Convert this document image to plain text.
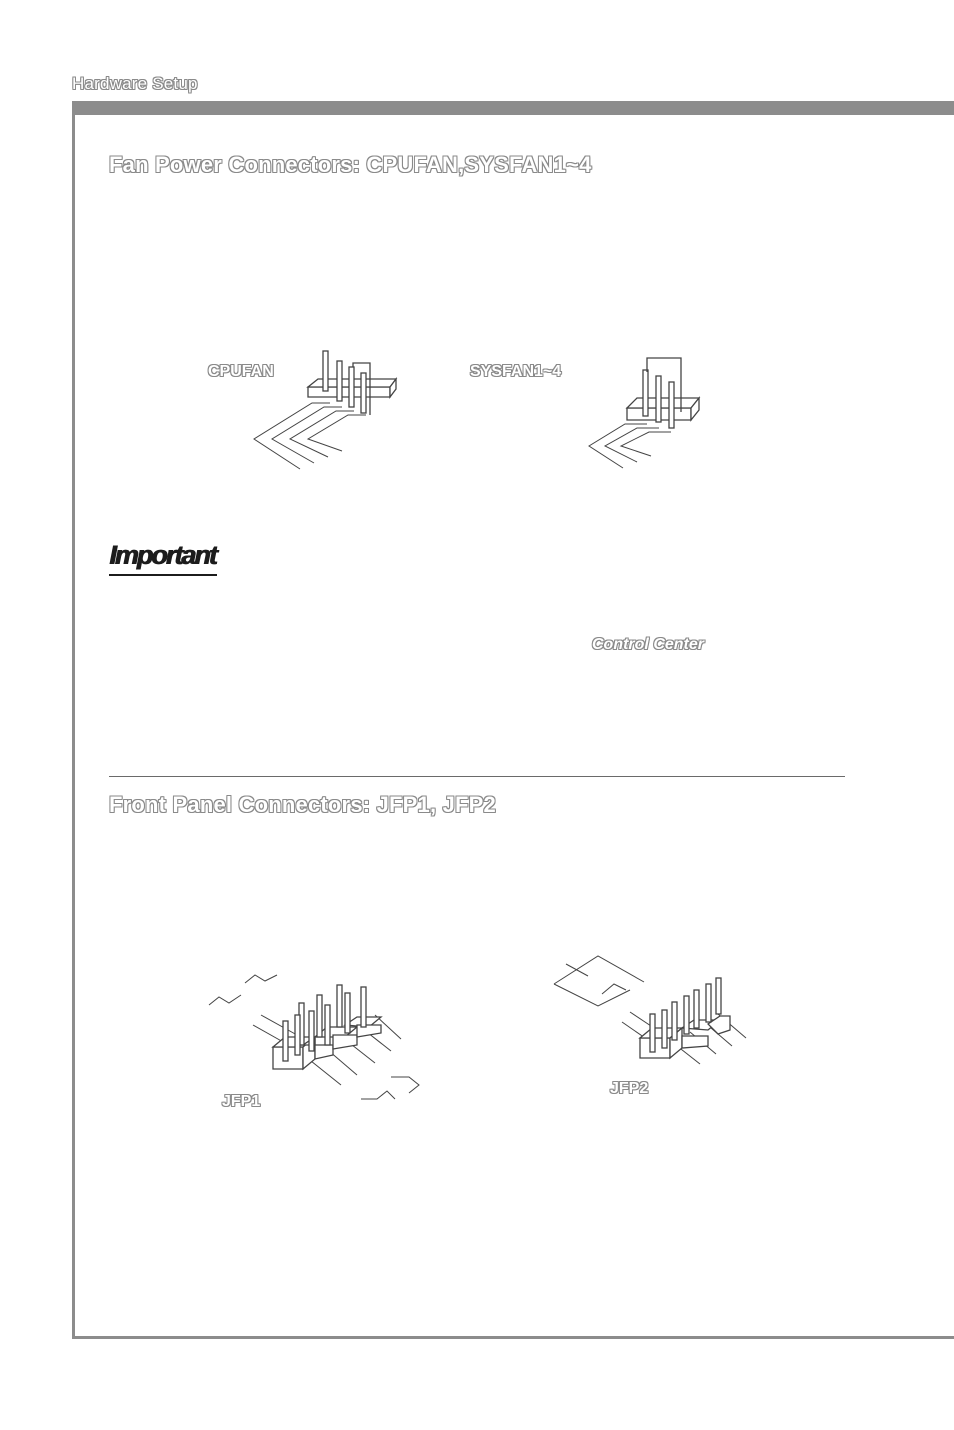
Hardware Setup
Fan Power Connectors: CPUFAN,SYSFAN1~4
CPUFAN	SYSFAN1~4
Important
Control Center
Front Panel Connectors: JFP1, JFP2
JFP1
JFP2
